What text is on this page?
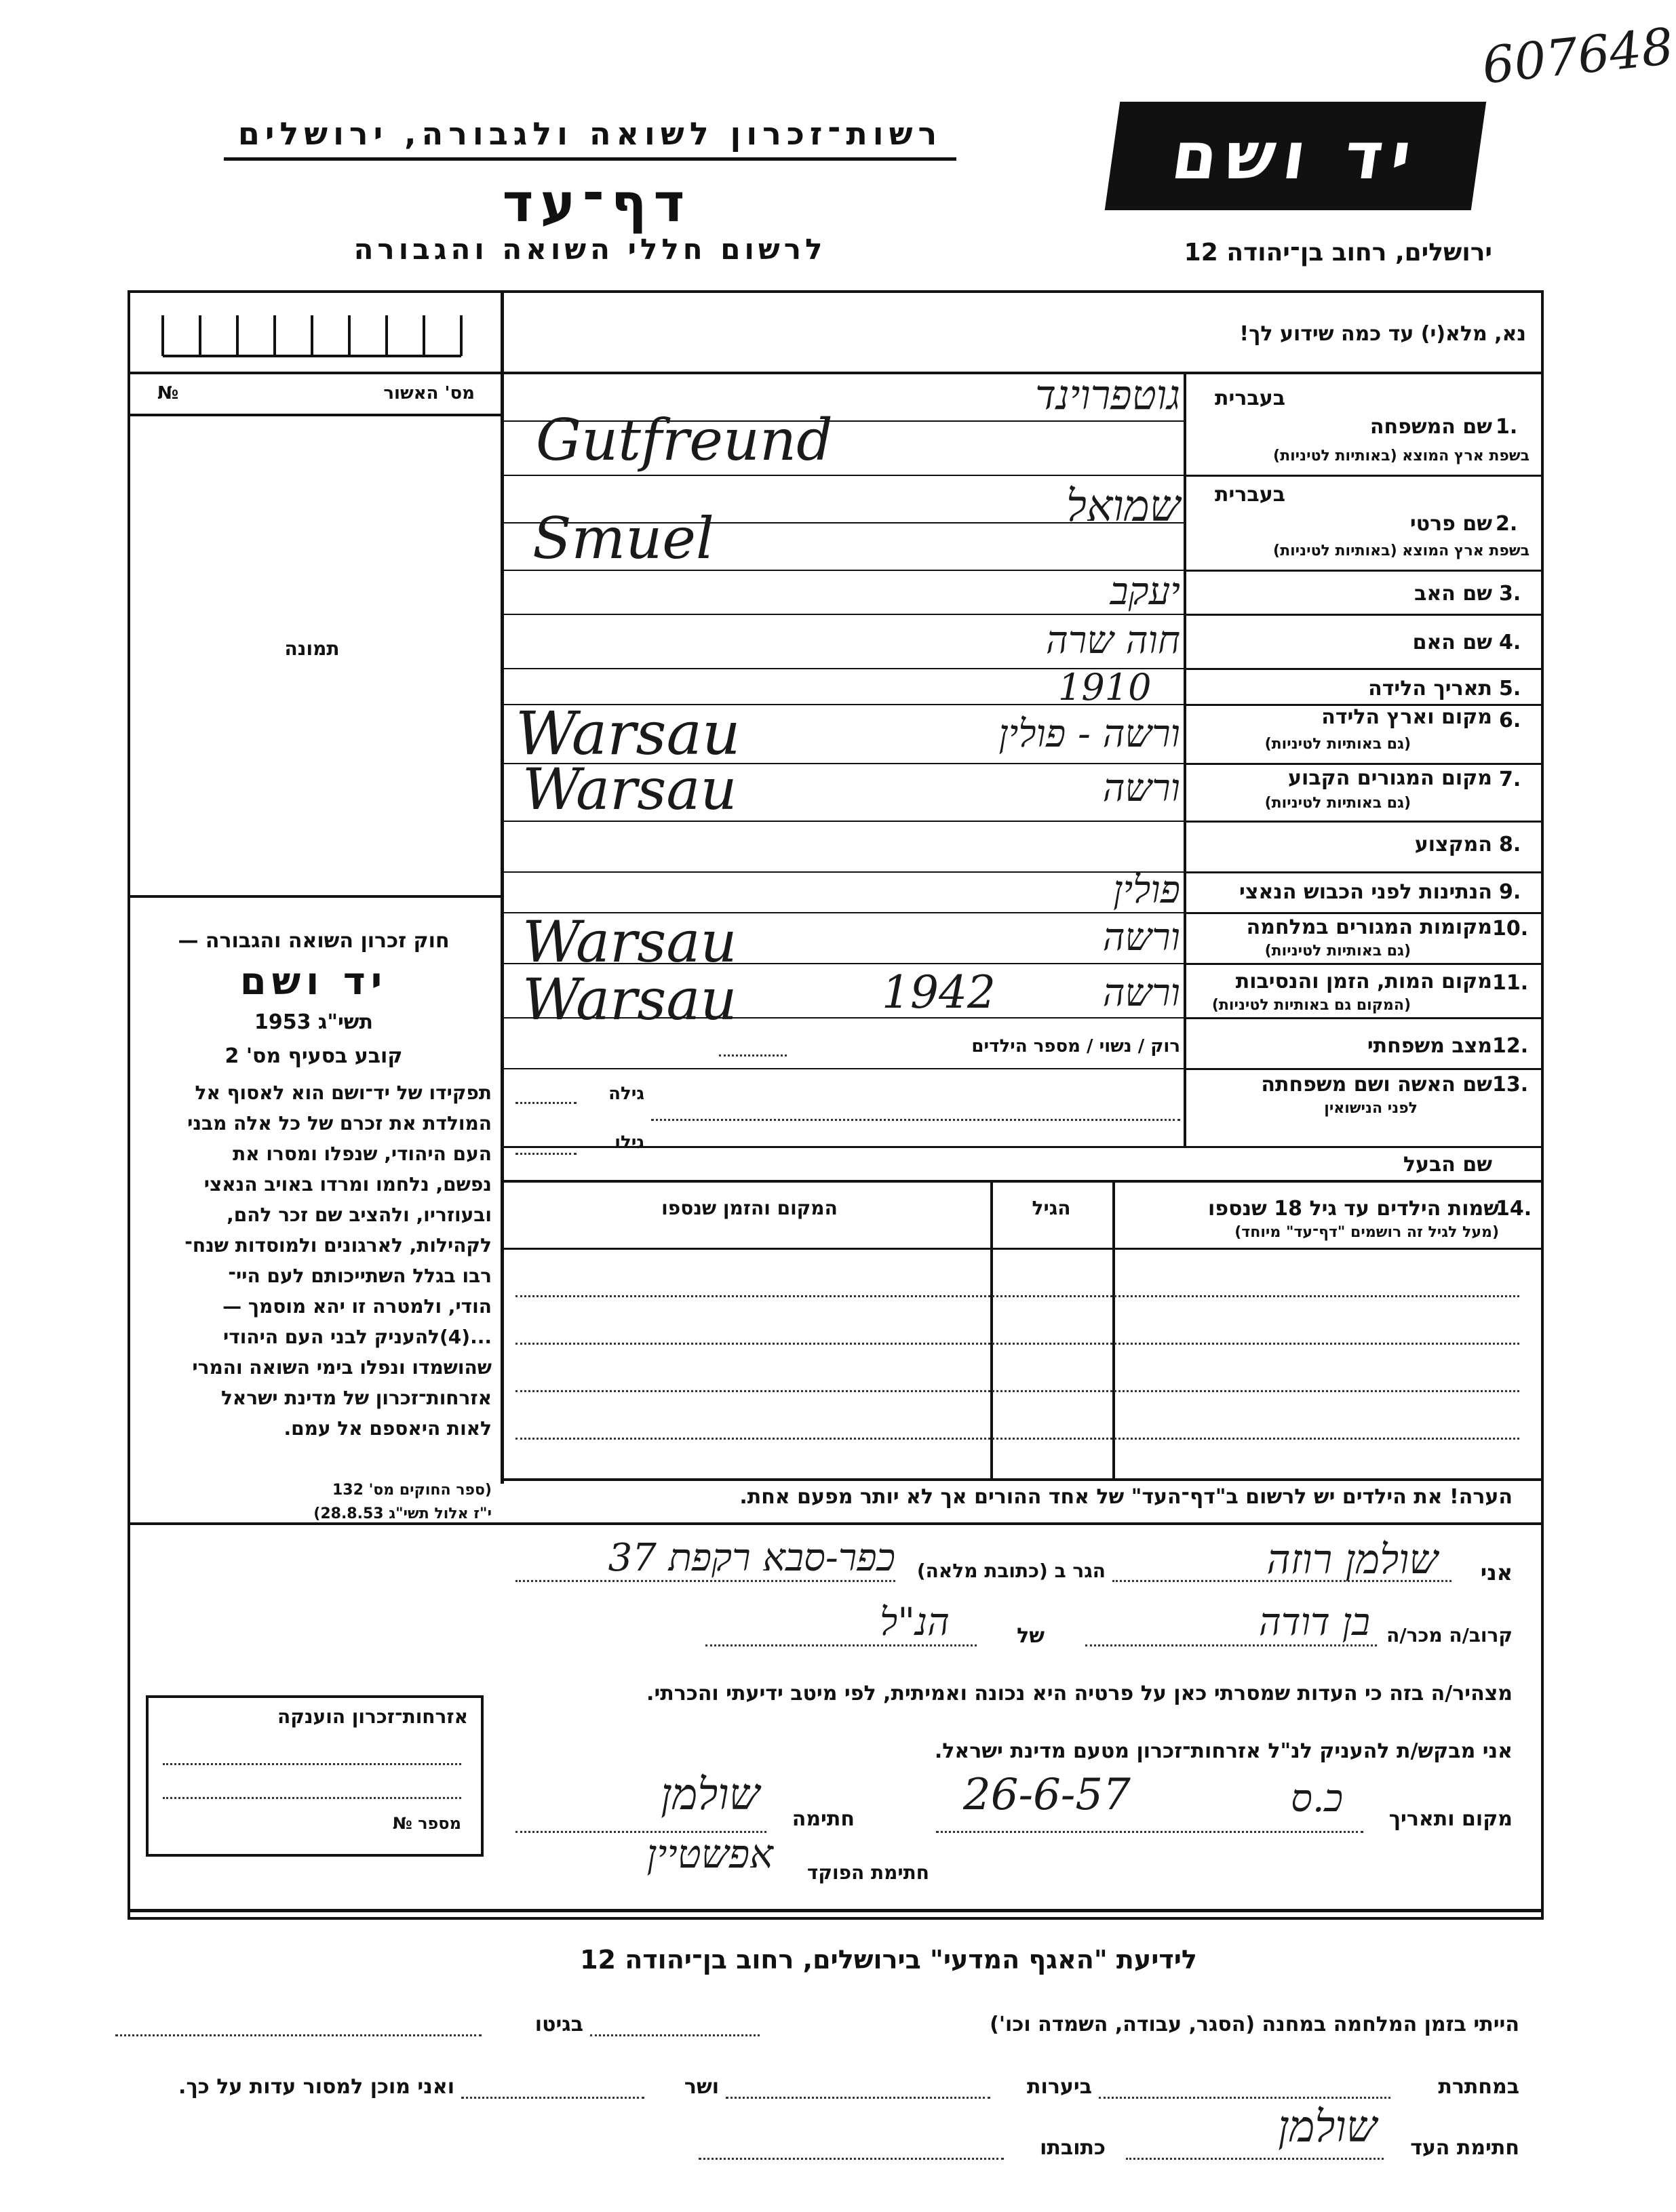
607648
רשות־זכרון לשואה ולגבורה, ירושלים
דף־עד
לרשום חללי השואה והגבורה
יד ושם
ירושלים, רחוב בן־יהודה 12
נא, מלא(י) עד כמה שידוע לך!
מס' האשור
№
תמונה
חוק זכרון השואה והגבורה —
יד ושם
תשי"ג 1953
קובע בסעיף מס' 2
תפקידו של יד־ושם הוא לאסוף אל
המולדת את זכרם של כל אלה מבני
העם היהודי, שנפלו ומסרו את
נפשם, נלחמו ומרדו באויב הנאצי
ובעוזריו, ולהציב שם זכר להם,
לקהילות, לארגונים ולמוסדות שנח־
רבו בגלל השתייכותם לעם היי־
הודי, ולמטרה זו יהא מוסמך —
...(4)להעניק לבני העם היהודי
שהושמדו ונפלו בימי השואה והמרי
אזרחות־זכרון של מדינת ישראל
לאות היאספם אל עמם.
(ספר החוקים מס' 132
י"ז אלול תשי"ג 28.8.53)
בעברית
שם המשפחה 1.
בשפת ארץ המוצא (באותיות לטיניות)
גוטפרוינד
Gutfreund
בעברית
שם פרטי 2.
בשפת ארץ המוצא (באותיות לטיניות)
שמואל
Smuel
שם האב 3.
יעקב
שם האם 4.
חוה שרה
תאריך הלידה 5.
1910
מקום וארץ הלידה 6.
(גם באותיות לטיניות)
ורשה - פולין
Warsau
מקום המגורים הקבוע 7.
(גם באותיות לטיניות)
ורשה
Warsau
המקצוע 8.
הנתינות לפני הכבוש הנאצי 9.
פולין
מקומות המגורים במלחמה 10.
(גם באותיות לטיניות)
ורשה
Warsau
מקום המות, הזמן והנסיבות 11.
(המקום גם באותיות לטיניות)
ורשה
1942
Warsau
מצב משפחתי 12.
רוק / נשוי / מספר הילדים
שם האשה ושם משפחתה 13.
לפני הנישואין
גילה
גילו
שם הבעל
שמות הילדים עד גיל 18 שנספו
14.
(מעל לגיל זה רושמים "דף־עד" מיוחד)
הגיל
המקום והזמן שנספו
הערה! את הילדים יש לרשום ב"דף־העד" של אחד ההורים אך לא יותר מפעם אחת.
אני
שולמן רוזה
הגר ב (כתובת מלאה)
כפר-סבא רקפת 37
קרוב/ה מכר/ה
בן דודה
של
הנ"ל
מצהיר/ה בזה כי העדות שמסרתי כאן על פרטיה היא נכונה ואמיתית, לפי מיטב ידיעתי והכרתי.
אני מבקש/ת להעניק לנ"ל אזרחות־זכרון מטעם מדינת ישראל.
מקום ותאריך
כ.ס
26-6-57
חתימה
שולמן
חתימת הפוקד
אפשטיין
אזרחות־זכרון הוענקה
מספר №
לידיעת "האגף המדעי" בירושלים, רחוב בן־יהודה 12
הייתי בזמן המלחמה במחנה (הסגר, עבודה, השמדה וכו')
בגיטו
במחתרת
ביערות
ושר
ואני מוכן למסור עדות על כך.
חתימת העד
שולמן
כתובתו
